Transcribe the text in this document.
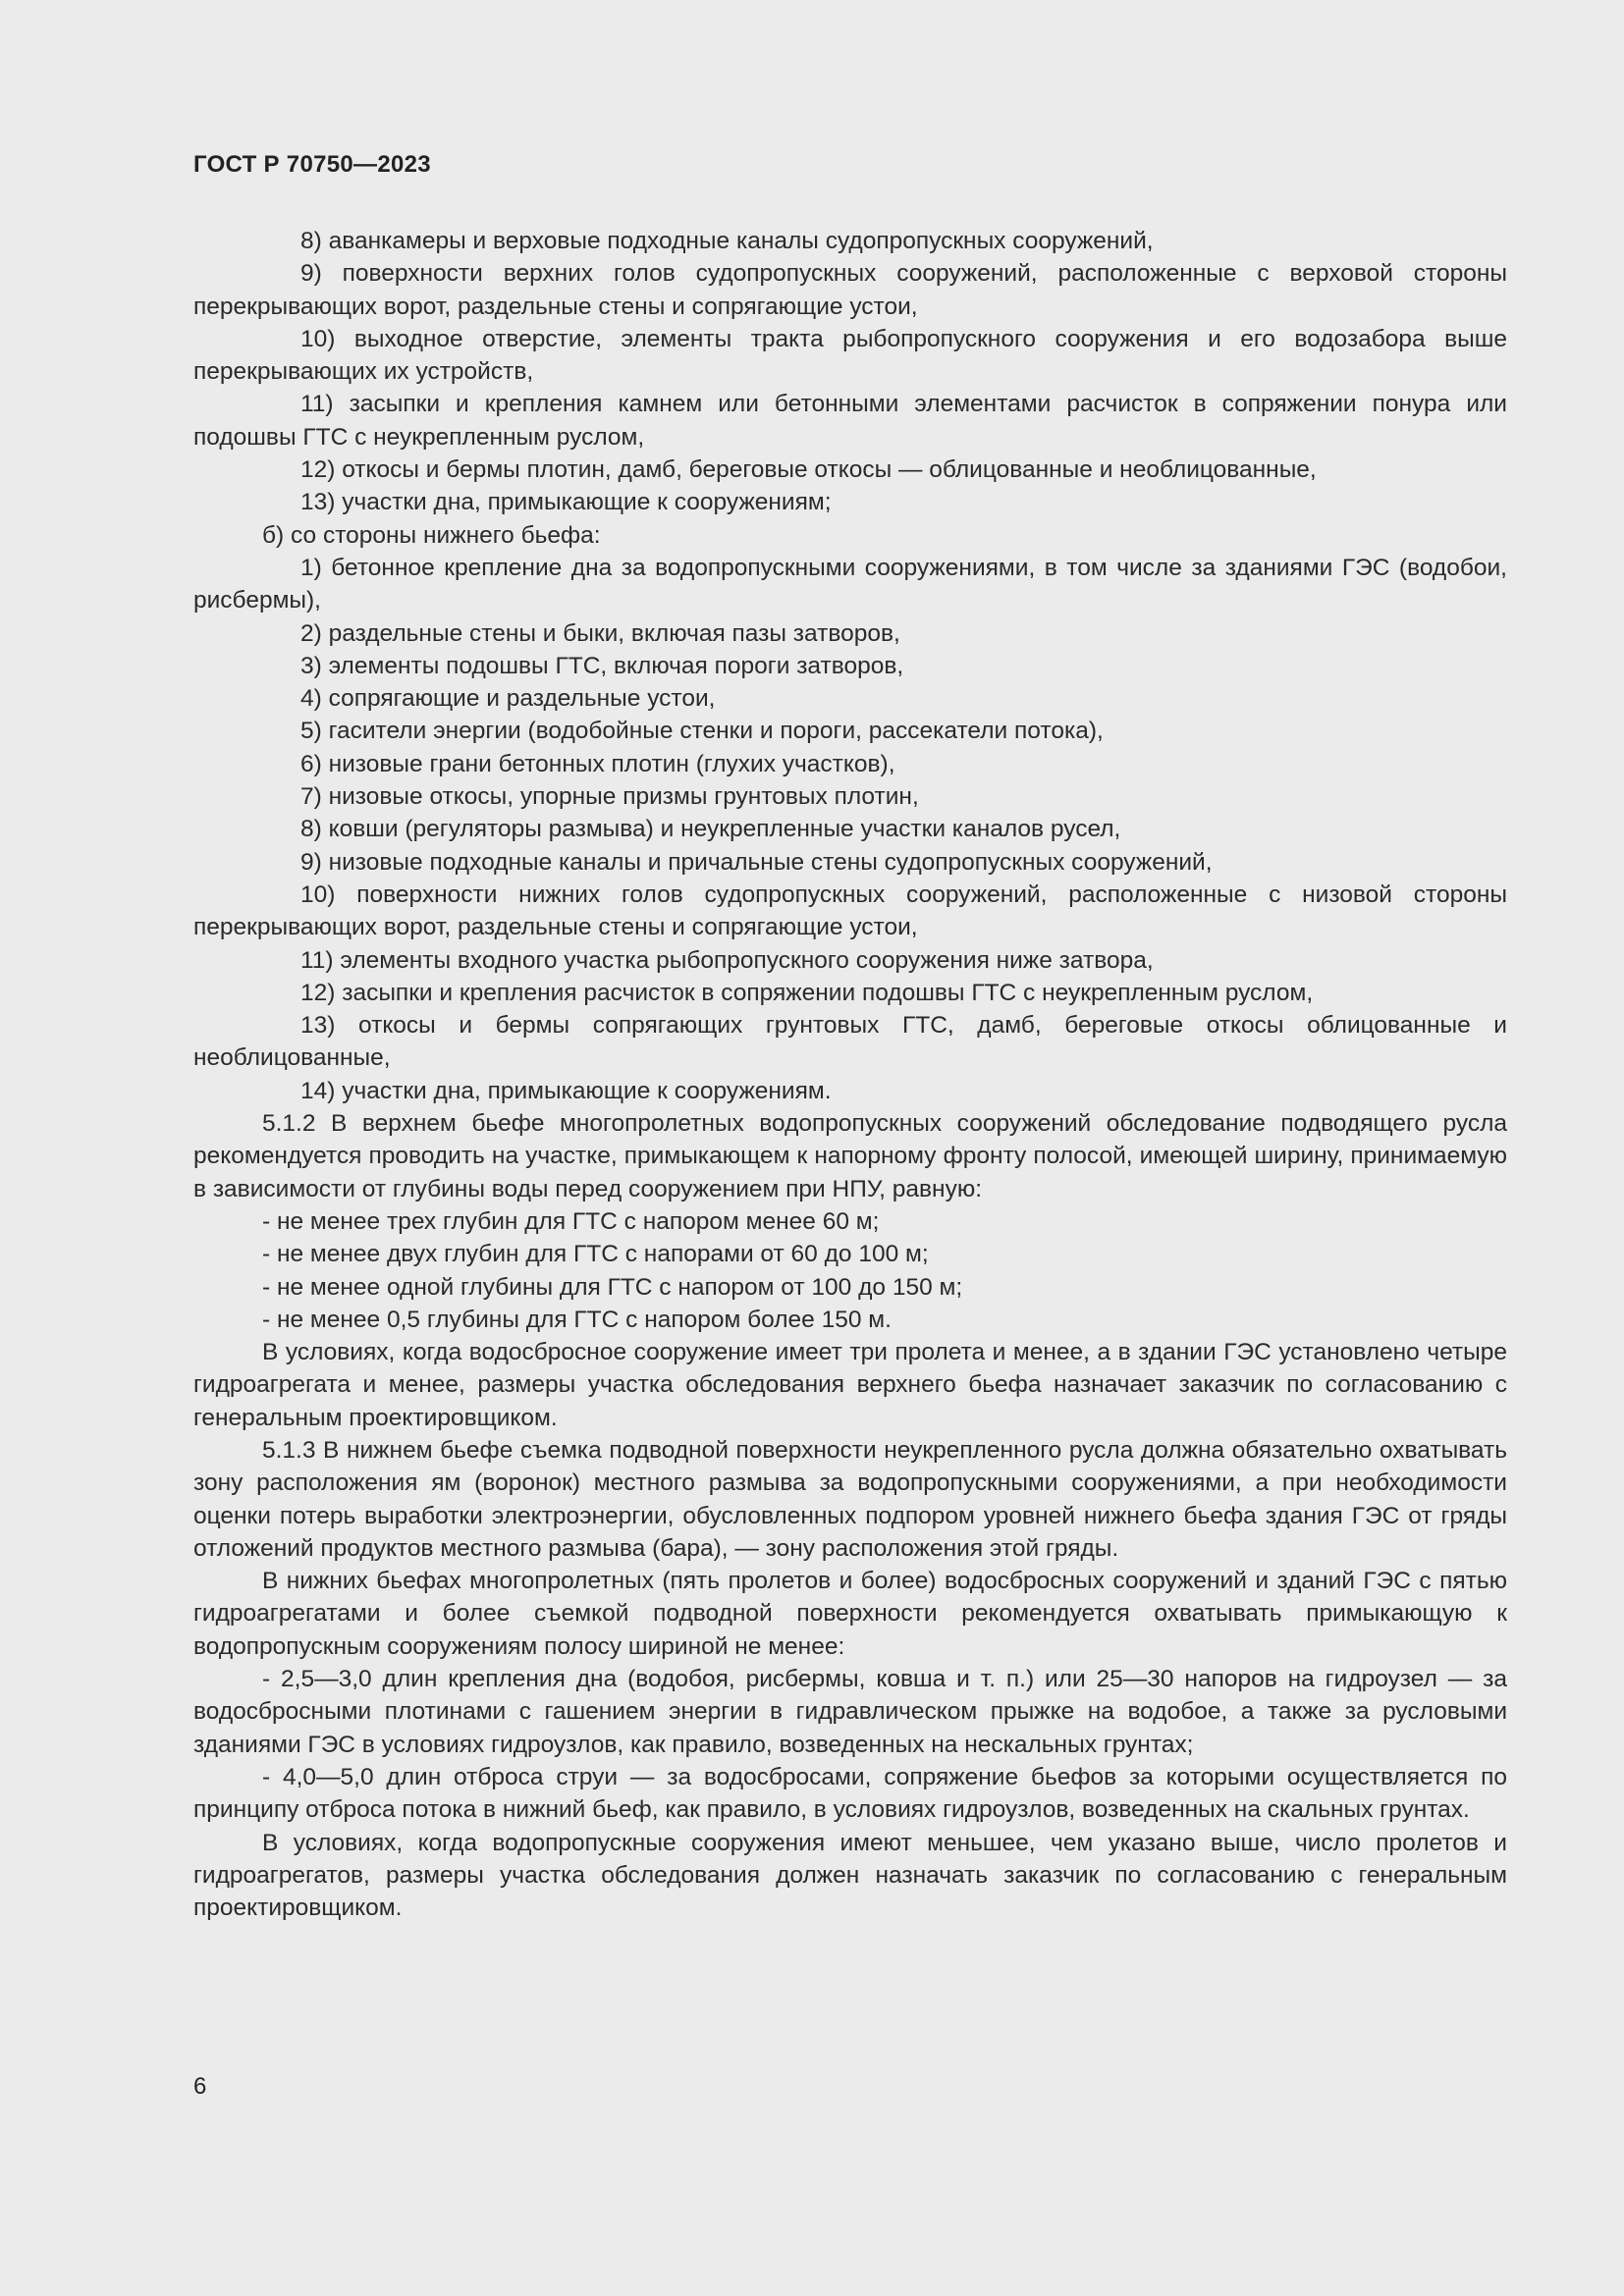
ГОСТ Р 70750—2023

8) аванкамеры и верховые подходные каналы судопропускных сооружений,

9) поверхности верхних голов судопропускных сооружений, расположенные с верховой стороны перекрывающих ворот, раздельные стены и сопрягающие устои,

10) выходное отверстие, элементы тракта рыбопропускного сооружения и его водозабора выше перекрывающих их устройств,

11) засыпки и крепления камнем или бетонными элементами расчисток в сопряжении понура или подошвы ГТС с неукрепленным руслом,

12) откосы и бермы плотин, дамб, береговые откосы — облицованные и необлицованные,

13) участки дна, примыкающие к сооружениям;

б) со стороны нижнего бьефа:

1) бетонное крепление дна за водопропускными сооружениями, в том числе за зданиями ГЭС (водобои, рисбермы),

2) раздельные стены и быки, включая пазы затворов,

3) элементы подошвы ГТС, включая пороги затворов,

4) сопрягающие и раздельные устои,

5) гасители энергии (водобойные стенки и пороги, рассекатели потока),

6) низовые грани бетонных плотин (глухих участков),

7) низовые откосы, упорные призмы грунтовых плотин,

8) ковши (регуляторы размыва) и неукрепленные участки каналов русел,

9) низовые подходные каналы и причальные стены судопропускных сооружений,

10) поверхности нижних голов судопропускных сооружений, расположенные с низовой стороны перекрывающих ворот, раздельные стены и сопрягающие устои,

11) элементы входного участка рыбопропускного сооружения ниже затвора,

12) засыпки и крепления расчисток в сопряжении подошвы ГТС с неукрепленным руслом,

13) откосы и бермы сопрягающих грунтовых ГТС, дамб, береговые откосы облицованные и необлицованные,

14) участки дна, примыкающие к сооружениям.

5.1.2 В верхнем бьефе многопролетных водопропускных сооружений обследование подводящего русла рекомендуется проводить на участке, примыкающем к напорному фронту полосой, имеющей ширину, принимаемую в зависимости от глубины воды перед сооружением при НПУ, равную:

- не менее трех глубин для ГТС с напором менее 60 м;

- не менее двух глубин для ГТС с напорами от 60 до 100 м;

- не менее одной глубины для ГТС с напором от 100 до 150 м;

- не менее 0,5 глубины для ГТС с напором более 150 м.

В условиях, когда водосбросное сооружение имеет три пролета и менее, а в здании ГЭС установлено четыре гидроагрегата и менее, размеры участка обследования верхнего бьефа назначает заказчик по согласованию с генеральным проектировщиком.

5.1.3 В нижнем бьефе съемка подводной поверхности неукрепленного русла должна обязательно охватывать зону расположения ям (воронок) местного размыва за водопропускными сооружениями, а при необходимости оценки потерь выработки электроэнергии, обусловленных подпором уровней нижнего бьефа здания ГЭС от гряды отложений продуктов местного размыва (бара), — зону расположения этой гряды.

В нижних бьефах многопролетных (пять пролетов и более) водосбросных сооружений и зданий ГЭС с пятью гидроагрегатами и более съемкой подводной поверхности рекомендуется охватывать примыкающую к водопропускным сооружениям полосу шириной не менее:

- 2,5—3,0 длин крепления дна (водобоя, рисбермы, ковша и т. п.) или 25—30 напоров на гидроузел — за водосбросными плотинами с гашением энергии в гидравлическом прыжке на водобое, а также за русловыми зданиями ГЭС в условиях гидроузлов, как правило, возведенных на нескальных грунтах;

- 4,0—5,0 длин отброса струи — за водосбросами, сопряжение бьефов за которыми осуществляется по принципу отброса потока в нижний бьеф, как правило, в условиях гидроузлов, возведенных на скальных грунтах.

В условиях, когда водопропускные сооружения имеют меньшее, чем указано выше, число пролетов и гидроагрегатов, размеры участка обследования должен назначать заказчик по согласованию с генеральным проектировщиком.

6
